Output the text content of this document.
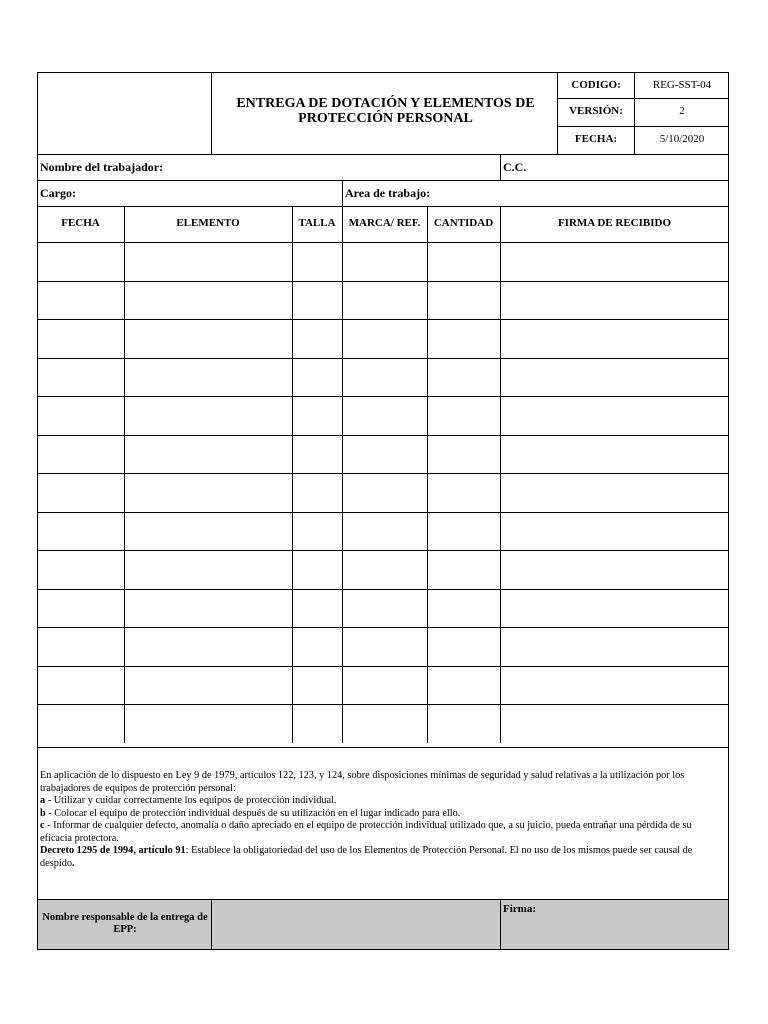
ENTREGA DE DOTACIÓN Y ELEMENTOS DE
PROTECCIÓN PERSONAL
CODIGO:	REG-SST-04
VERSIÓN:	2
FECHA:	5/10/2020
Nombre del trabajador:	C.C.
Cargo:	Area de trabajo:
FECHA	ELEMENTO	TALLA	MARCA/ REF.	CANTIDAD	FIRMA DE RECIBIDO

En aplicación de lo dispuesto en Ley 9 de 1979, artículos 122, 123, y 124, sobre disposiciones mínimas de seguridad y salud relativas a la utilización por los trabajadores de equipos de protección personal:

a - Utilizar y cuidar correctamente los equipos de protección individual.

b - Colocar el equipo de protección individual después de su utilización en el lugar indicado para ello.

c - Informar de cualquier defecto, anomalía o daño apreciado en el equipo de protección individual utilizado que, a su juicio, pueda entrañar una pérdida de su eficacia protectora.

Decreto 1295 de 1994, artículo 91: Establece la obligatoriedad del uso de los Elementos de Protección Personal. El no uso de los mismos puede ser causal de despido.

Nombre responsable de la entrega de EPP:
Firma:
